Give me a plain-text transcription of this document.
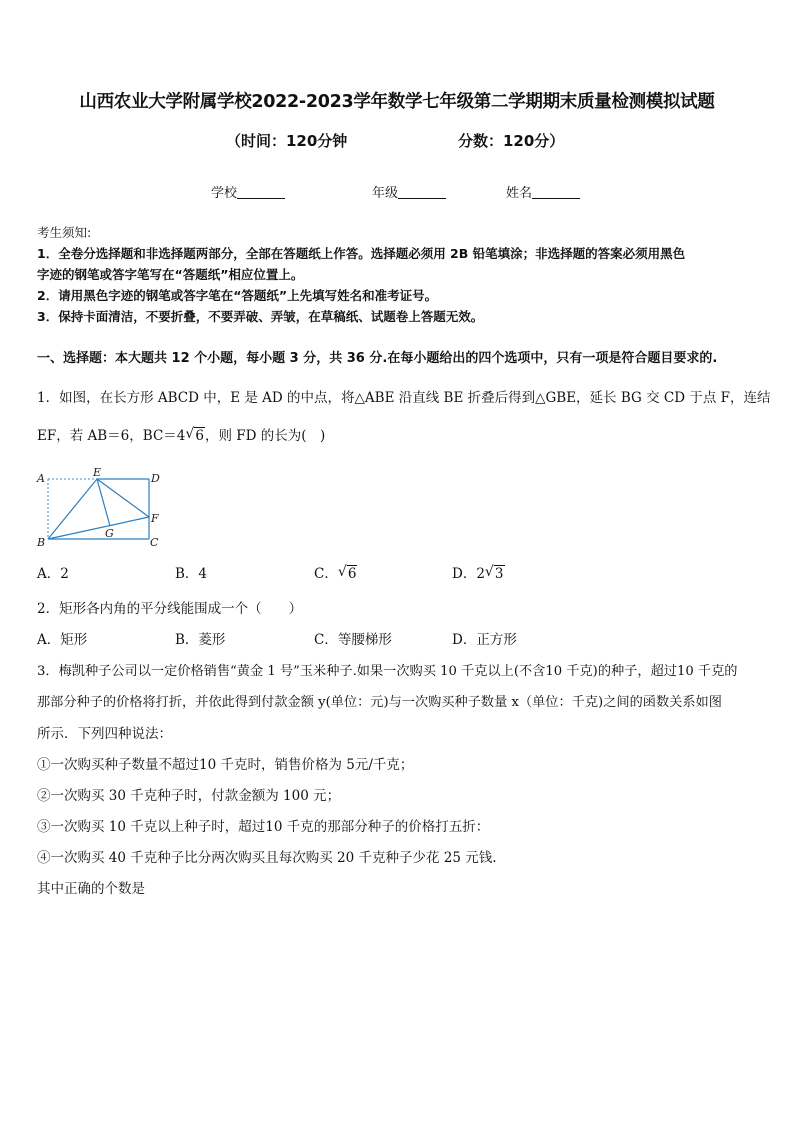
山西农业大学附属学校2022-2023学年数学七年级第二学期期末质量检测模拟试题
（时间：120分钟	分数：120分）
学校	年级	姓名
考生须知:
1．全卷分选择题和非选择题两部分，全部在答题纸上作答。选择题必须用 2B 铅笔填涂；非选择题的答案必须用黑色
字迹的钢笔或答字笔写在“答题纸”相应位置上。
2．请用黑色字迹的钢笔或答字笔在“答题纸”上先填写姓名和准考证号。
3．保持卡面清洁，不要折叠，不要弄破、弄皱，在草稿纸、试题卷上答题无效。
一、选择题：本大题共 12 个小题，每小题 3 分，共 36 分.在每小题给出的四个选项中，只有一项是符合题目要求的.
1．如图，在长方形 ABCD 中，E 是 AD 的中点，将△ABE 沿直线 BE 折叠后得到△GBE，延长 BG 交 CD 于点 F，连结
EF，若 AB＝6，BC＝4 √ 6，则 FD 的长为(　)
A	E	D
F
B
G
C
A．2	B．4	C． √ 6	D．2 √ 3
2．矩形各内角的平分线能围成一个（　　）
A．矩形	B．菱形	C．等腰梯形	D．正方形
3．梅凯种子公司以一定价格销售“黄金 1 号”玉米种子.如果一次购买 10 千克以上(不含10 千克)的种子，超过10 千克的
那部分种子的价格将打折，并依此得到付款金额 y(单位：元)与一次购买种子数量 x（单位：千克)之间的函数关系如图
所示．下列四种说法：
①一次购买种子数量不超过10 千克时，销售价格为 5元/千克；
②一次购买 30 千克种子时，付款金额为 100 元；
③一次购买 10 千克以上种子时，超过10 千克的那部分种子的价格打五折：
④一次购买 40 千克种子比分两次购买且每次购买 20 千克种子少花 25 元钱.
其中正确的个数是
